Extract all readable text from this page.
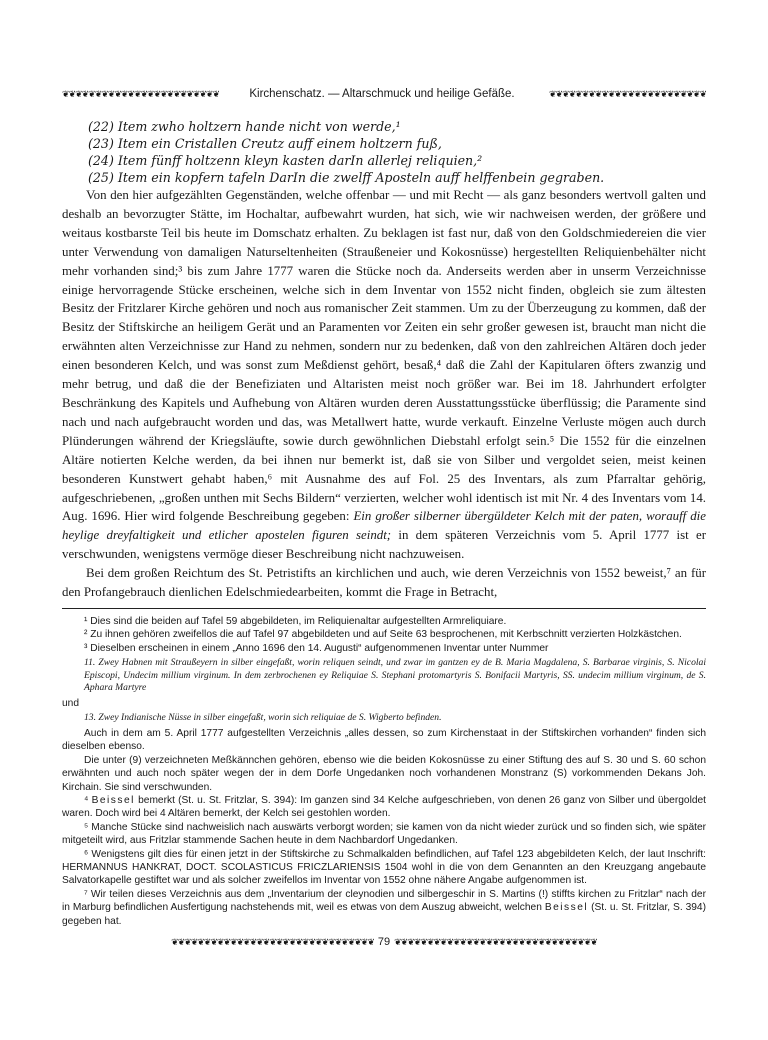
❦❦❦❦❦❦❦❦❦❦❦❦❦❦❦❦❦❦❦❦❦❦❦❦	Kirchenschatz. — Altarschmuck und heilige Gefäße.	❦❦❦❦❦❦❦❦❦❦❦❦❦❦❦❦❦❦❦❦❦❦❦❦
(22) Item zwho holtzern hande nicht von werde,¹
(23) Item ein Cristallen Creutz auff einem holtzern fuß,
(24) Item fünff holtzenn kleyn kasten darIn allerlej reliquien,²
(25) Item ein kopfern tafeln DarIn die zwelff Aposteln auff helffenbein gegraben.

Von den hier aufgezählten Gegenständen, welche offenbar — und mit Recht — als ganz besonders wertvoll galten und deshalb an bevorzugter Stätte, im Hochaltar, aufbewahrt wurden, hat sich, wie wir nachweisen werden, der größere und weitaus kostbarste Teil bis heute im Domschatz erhalten. Zu beklagen ist fast nur, daß von den Goldschmiedereien die vier unter Verwendung von damaligen Naturseltenheiten (Straußeneier und Kokosnüsse) hergestellten Reliquienbehälter nicht mehr vorhanden sind;³ bis zum Jahre 1777 waren die Stücke noch da. Anderseits werden aber in unserm Verzeichnisse einige hervorragende Stücke erscheinen, welche sich in dem Inventar von 1552 nicht finden, obgleich sie zum ältesten Besitz der Fritzlarer Kirche gehören und noch aus romanischer Zeit stammen. Um zu der Überzeugung zu kommen, daß der Besitz der Stiftskirche an heiligem Gerät und an Paramenten vor Zeiten ein sehr großer gewesen ist, braucht man nicht die erwähnten alten Verzeichnisse zur Hand zu nehmen, sondern nur zu bedenken, daß von den zahlreichen Altären doch jeder einen besonderen Kelch, und was sonst zum Meßdienst gehört, besaß,⁴ daß die Zahl der Kapitularen öfters zwanzig und mehr betrug, und daß die der Benefiziaten und Altaristen meist noch größer war. Bei im 18. Jahrhundert erfolgter Beschränkung des Kapitels und Aufhebung von Altären wurden deren Ausstattungsstücke überflüssig; die Paramente sind nach und nach aufgebraucht worden und das, was Metallwert hatte, wurde verkauft. Einzelne Verluste mögen auch durch Plünderungen während der Kriegsläufte, sowie durch gewöhnlichen Diebstahl erfolgt sein.⁵ Die 1552 für die einzelnen Altäre notierten Kelche werden, da bei ihnen nur bemerkt ist, daß sie von Silber und vergoldet seien, meist keinen besonderen Kunstwert gehabt haben,⁶ mit Ausnahme des auf Fol. 25 des Inventars, als zum Pfarraltar gehörig, aufgeschriebenen, „großen unthen mit Sechs Bildern“ verzierten, welcher wohl identisch ist mit Nr. 4 des Inventars vom 14. Aug. 1696. Hier wird folgende Beschreibung gegeben: Ein großer silberner übergüldeter Kelch mit der paten, worauff die heylige dreyfaltigkeit und etlicher apostelen figuren seindt; in dem späteren Verzeichnis vom 5. April 1777 ist er verschwunden, wenigstens vermöge dieser Beschreibung nicht nachzuweisen.

Bei dem großen Reichtum des St. Petristifts an kirchlichen und auch, wie deren Verzeichnis von 1552 beweist,⁷ an für den Profangebrauch dienlichen Edelschmiedearbeiten, kommt die Frage in Betracht,

¹ Dies sind die beiden auf Tafel 59 abgebildeten, im Reliquienaltar aufgestellten Armreliquiare.

² Zu ihnen gehören zweifellos die auf Tafel 97 abgebildeten und auf Seite 63 besprochenen, mit Kerbschnitt verzierten Holzkästchen.

³ Dieselben erscheinen in einem „Anno 1696 den 14. Augusti“ aufgenommenen Inventar unter Nummer

11. Zwey Habnen mit Straußeyern in silber eingefaßt, worin reliquen seindt, und zwar im gantzen ey de B. Maria Magdalena, S. Barbarae virginis, S. Nicolai Episcopi, Undecim millium virginum. In dem zerbrochenen ey Reliquiae S. Stephani protomartyris S. Bonifacii Martyris, SS. undecim millium virginum, de S. Aphara Martyre

und

13. Zwey Indianische Nüsse in silber eingefaßt, worin sich reliquiae de S. Wigberto befinden.

Auch in dem am 5. April 1777 aufgestellten Verzeichnis „alles dessen, so zum Kirchenstaat in der Stiftskirchen vorhanden“ finden sich dieselben ebenso.

Die unter (9) verzeichneten Meßkännchen gehören, ebenso wie die beiden Kokosnüsse zu einer Stiftung des auf S. 30 und S. 60 schon erwähnten und auch noch später wegen der in dem Dorfe Ungedanken noch vorhandenen Monstranz (S) vorkommenden Dekans Joh. Kirchain. Sie sind verschwunden.

⁴ Beissel bemerkt (St. u. St. Fritzlar, S. 394): Im ganzen sind 34 Kelche aufgeschrieben, von denen 26 ganz von Silber und übergoldet waren. Doch wird bei 4 Altären bemerkt, der Kelch sei gestohlen worden.

⁵ Manche Stücke sind nachweislich nach auswärts verborgt worden; sie kamen von da nicht wieder zurück und so finden sich, wie später mitgeteilt wird, aus Fritzlar stammende Sachen heute in dem Nachbardorf Ungedanken.

⁶ Wenigstens gilt dies für einen jetzt in der Stiftskirche zu Schmalkalden befindlichen, auf Tafel 123 abgebildeten Kelch, der laut Inschrift: HERMANNUS HANKRAT, DOCT. SCOLASTICUS FRICZLARIENSIS 1504 wohl in die von dem Genannten an den Kreuzgang angebaute Salvatorkapelle gestiftet war und als solcher zweifellos im Inventar von 1552 ohne nähere Angabe aufgenommen ist.

⁷ Wir teilen dieses Verzeichnis aus dem „Inventarium der cleynodien und silbergeschir in S. Martins (!) stiffts kirchen zu Fritzlar“ nach der in Marburg befindlichen Ausfertigung nachstehends mit, weil es etwas von dem Auszug abweicht, welchen Beissel (St. u. St. Fritzlar, S. 394) gegeben hat.

❦❦❦❦❦❦❦❦❦❦❦❦❦❦❦❦❦❦❦❦❦❦❦❦❦❦❦❦❦❦❦ 79 ❦❦❦❦❦❦❦❦❦❦❦❦❦❦❦❦❦❦❦❦❦❦❦❦❦❦❦❦❦❦❦
